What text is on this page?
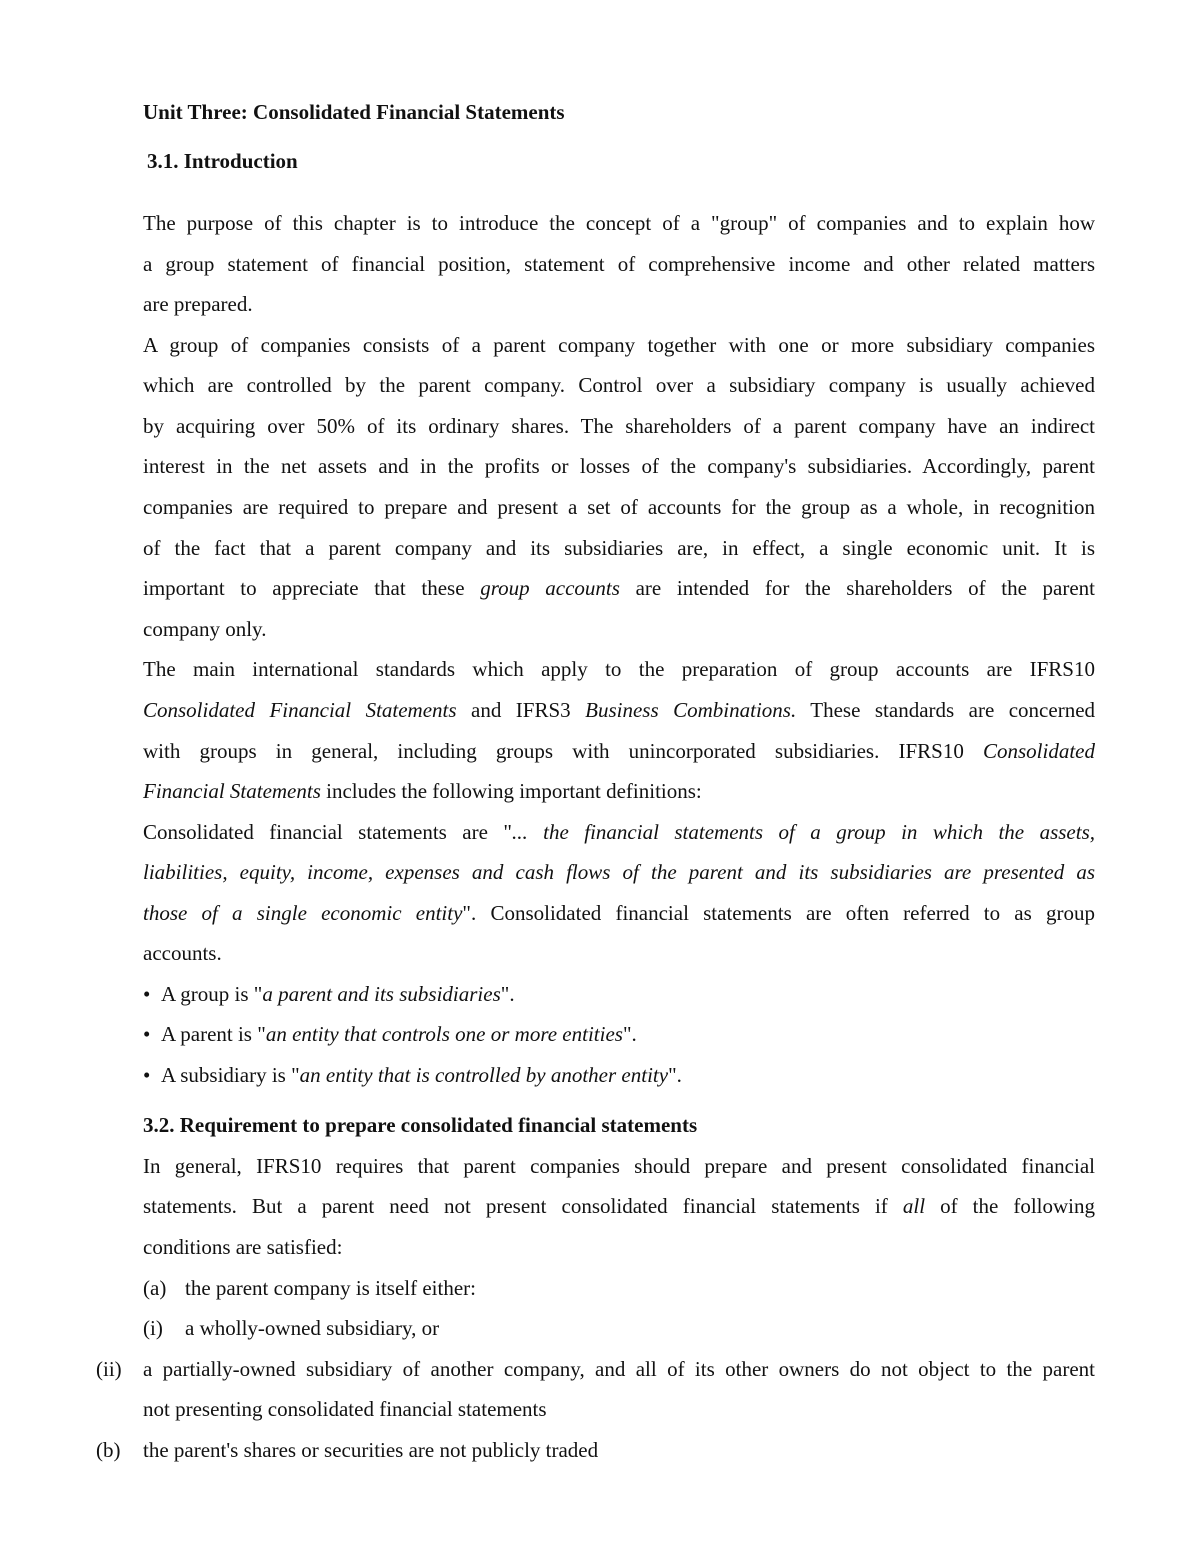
Unit Three: Consolidated Financial Statements
3.1. Introduction
The purpose of this chapter is to introduce the concept of a "group" of companies and to explain how
a group statement of financial position, statement of comprehensive income and other related matters
are prepared.
A group of companies consists of a parent company together with one or more subsidiary companies
which are controlled by the parent company. Control over a subsidiary company is usually achieved
by acquiring over 50% of its ordinary shares. The shareholders of a parent company have an indirect
interest in the net assets and in the profits or losses of the company's subsidiaries. Accordingly, parent
companies are required to prepare and present a set of accounts for the group as a whole, in recognition
of the fact that a parent company and its subsidiaries are, in effect, a single economic unit. It is
important to appreciate that these group accounts are intended for the shareholders of the parent
company only.
The main international standards which apply to the preparation of group accounts are IFRS10
Consolidated Financial Statements and IFRS3 Business Combinations. These standards are concerned
with groups in general, including groups with unincorporated subsidiaries. IFRS10 Consolidated
Financial Statements includes the following important definitions:
Consolidated financial statements are "... the financial statements of a group in which the assets,
liabilities, equity, income, expenses and cash flows of the parent and its subsidiaries are presented as
those of a single economic entity". Consolidated financial statements are often referred to as group
accounts.
• A group is "a parent and its subsidiaries".
• A parent is "an entity that controls one or more entities".
• A subsidiary is "an entity that is controlled by another entity".
3.2. Requirement to prepare consolidated financial statements
In general, IFRS10 requires that parent companies should prepare and present consolidated financial
statements. But a parent need not present consolidated financial statements if all of the following
conditions are satisfied:
(a) the parent company is itself either:
(i) a wholly-owned subsidiary, or
(ii) a partially-owned subsidiary of another company, and all of its other owners do not object to the parent
not presenting consolidated financial statements
(b) the parent's shares or securities are not publicly traded
